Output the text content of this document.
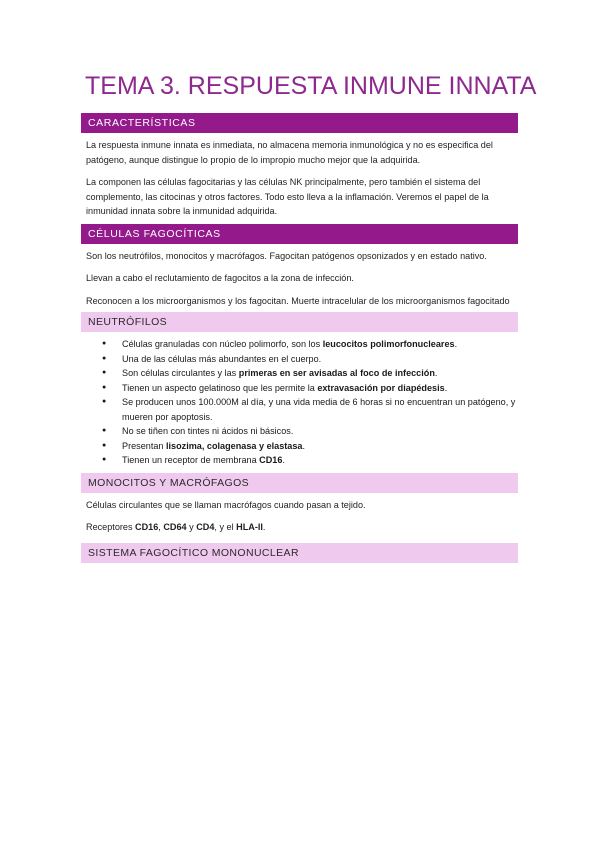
TEMA 3. RESPUESTA INMUNE INNATA
CARACTERÍSTICAS

La respuesta inmune innata es inmediata, no almacena memoria inmunológica y no es especifica del patógeno, aunque distingue lo propio de lo impropio mucho mejor que la adquirida.

La componen las células fagocitarias y las células NK principalmente, pero también el sistema del complemento, las citocinas y otros factores. Todo esto lleva a la inflamación. Veremos el papel de la inmunidad innata sobre la inmunidad adquirida.

CÉLULAS FAGOCÍTICAS

Son los neutrófilos, monocitos y macrófagos. Fagocitan patógenos opsonizados y en estado nativo.

Llevan a cabo el reclutamiento de fagocitos a la zona de infección.

Reconocen a los microorganismos y los fagocitan. Muerte intracelular de los microorganismos fagocitado

NEUTRÓFILOS
● Células granuladas con núcleo polimorfo, son los leucocitos polimorfonucleares.
● Una de las células más abundantes en el cuerpo.
● Son células circulantes y las primeras en ser avisadas al foco de infección.
● Tienen un aspecto gelatinoso que les permite la extravasación por diapédesis.
● Se producen unos 100.000M al día, y una vida media de 6 horas si no encuentran un patógeno, y mueren por apoptosis.
● No se tiñen con tintes ni ácidos ni básicos.
● Presentan lisozima, colagenasa y elastasa.
● Tienen un receptor de membrana CD16.
MONOCITOS Y MACRÓFAGOS

Células circulantes que se llaman macrófagos cuando pasan a tejido.

Receptores CD16, CD64 y CD4, y el HLA-II.

SISTEMA FAGOCÍTICO MONONUCLEAR
